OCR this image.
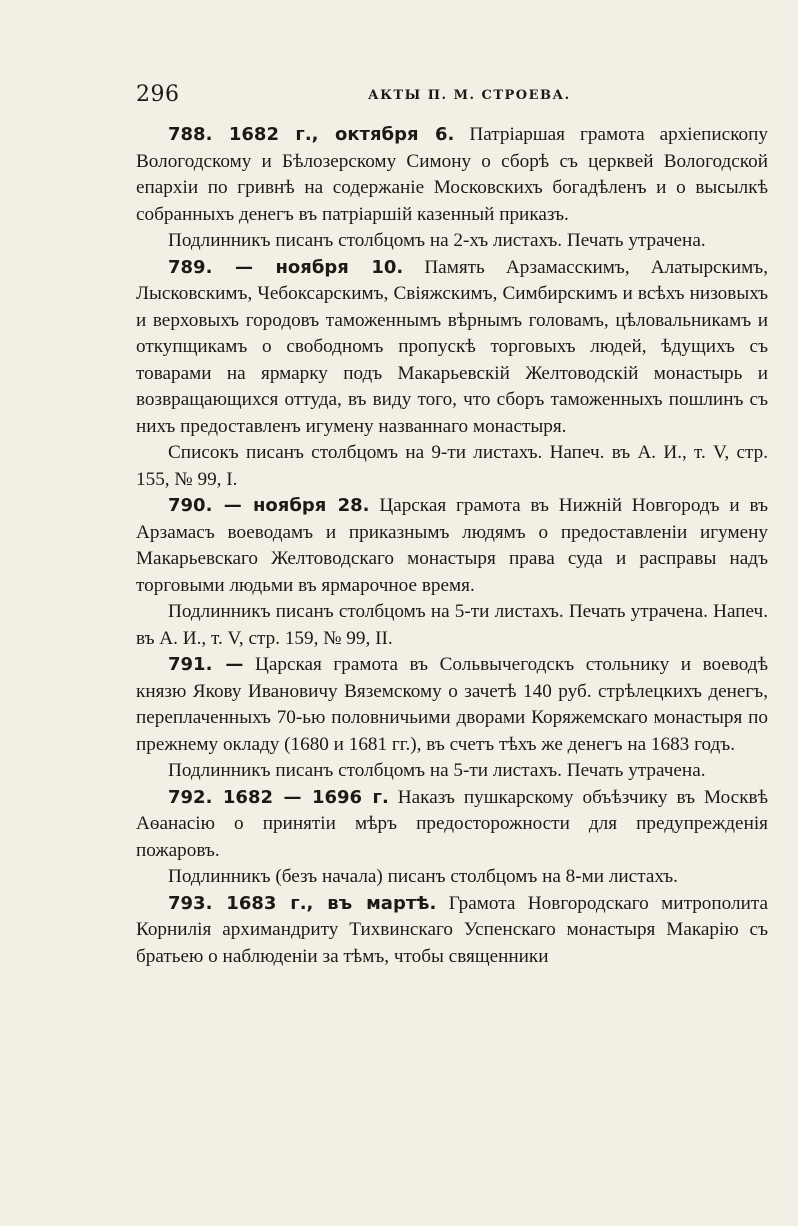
296	АКТЫ П. М. СТРОЕВА.

788. 1682 г., октября 6. Патріаршая грамота архіепископу Вологодскому и Бѣлозерскому Симону о сборѣ съ церквей Вологодской епархіи по гривнѣ на содержаніе Московскихъ богадѣленъ и о высылкѣ собранныхъ денегъ въ патріаршій казенный приказъ.

Подлинникъ писанъ столбцомъ на 2-хъ листахъ. Печать утрачена.

789. — ноября 10. Память Арзамасскимъ, Алатырскимъ, Лысковскимъ, Чебоксарскимъ, Свіяжскимъ, Симбирскимъ и всѣхъ низовыхъ и верховыхъ городовъ таможеннымъ вѣрнымъ головамъ, цѣловальникамъ и откупщикамъ о свободномъ пропускѣ торговыхъ людей, ѣдущихъ съ товарами на ярмарку подъ Макарьевскій Желтоводскій монастырь и возвращающихся оттуда, въ виду того, что сборъ таможенныхъ пошлинъ съ нихъ предоставленъ игумену названнаго монастыря.

Списокъ писанъ столбцомъ на 9-ти листахъ. Напеч. въ А. И., т. V, стр. 155, № 99, I.

790. — ноября 28. Царская грамота въ Нижній Новгородъ и въ Арзамасъ воеводамъ и приказнымъ людямъ о предоставленіи игумену Макарьевскаго Желтоводскаго монастыря права суда и расправы надъ торговыми людьми въ ярмарочное время.

Подлинникъ писанъ столбцомъ на 5-ти листахъ. Печать утрачена. Напеч. въ А. И., т. V, стр. 159, № 99, II.

791. — Царская грамота въ Сольвычегодскъ стольнику и воеводѣ князю Якову Ивановичу Вяземскому о зачетѣ 140 руб. стрѣлецкихъ денегъ, переплаченныхъ 70-ью половничьими дворами Коряжемскаго монастыря по прежнему окладу (1680 и 1681 гг.), въ счетъ тѣхъ же денегъ на 1683 годъ.

Подлинникъ писанъ столбцомъ на 5-ти листахъ. Печать утрачена.

792. 1682 — 1696 г. Наказъ пушкарскому объѣзчику въ Москвѣ Аѳанасію о принятіи мѣръ предосторожности для предупрежденія пожаровъ.

Подлинникъ (безъ начала) писанъ столбцомъ на 8-ми листахъ.

793. 1683 г., въ мартѣ. Грамота Новгородскаго митрополита Корнилія архимандриту Тихвинскаго Успенскаго монастыря Макарію съ братьею о наблюденіи за тѣмъ, чтобы священники
